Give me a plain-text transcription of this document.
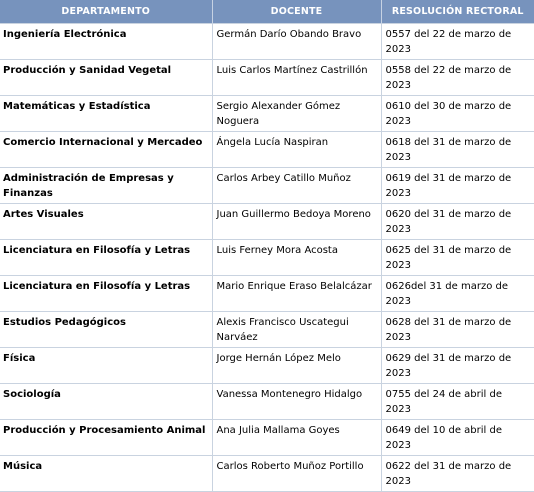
DEPARTAMENTO	DOCENTE	RESOLUCIÓN RECTORAL
Ingeniería Electrónica	Germán Darío Obando Bravo	0557 del 22 de marzo de 2023
Producción y Sanidad Vegetal	Luis Carlos Martínez Castrillón	0558 del 22 de marzo de 2023
Matemáticas y Estadística	Sergio Alexander Gómez Noguera	0610 del 30 de marzo de 2023
Comercio Internacional y Mercadeo	Ángela Lucía Naspiran	0618 del 31 de marzo de 2023
Administración de Empresas y Finanzas	Carlos Arbey Catillo Muñoz	0619 del 31 de marzo de 2023
Artes Visuales	Juan Guillermo Bedoya Moreno	0620 del 31 de marzo de 2023
Licenciatura en Filosofía y Letras	Luis Ferney Mora Acosta	0625 del 31 de marzo de 2023
Licenciatura en Filosofía y Letras	Mario Enrique Eraso Belalcázar	0626del 31 de marzo de 2023
Estudios Pedagógicos	Alexis Francisco Uscategui Narváez	0628 del 31 de marzo de 2023
Física	Jorge Hernán López Melo	0629 del 31 de marzo de 2023
Sociología	Vanessa Montenegro Hidalgo	0755 del 24 de abril de 2023
Producción y Procesamiento Animal	Ana Julia Mallama Goyes	0649 del 10 de abril de 2023
Música	Carlos Roberto Muñoz Portillo	0622 del 31 de marzo de 2023
